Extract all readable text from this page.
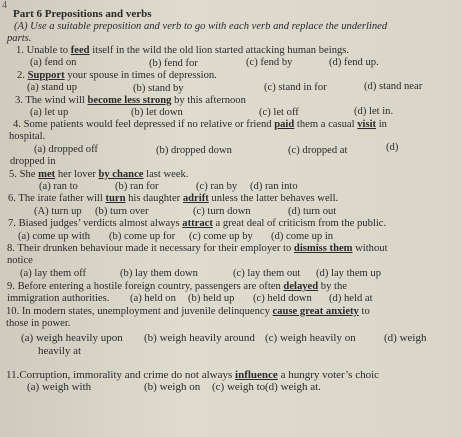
4
Part 6 Prepositions and verbs
(A) Use a suitable preposition and verb to go with each verb and replace the underlined
parts.
1. Unable to feed itself in the wild the old lion started attacking human beings.
(a) fend on	(b) fend for	(c) fend by	(d) fend up.
2. Support your spouse in times of depression.
(a) stand up	(b) stand by	(c) stand in for	(d) stand near
3. The wind will become less strong by this afternoon
(a) let up	(b) let down	(c) let off	(d) let in.
4. Some patients would feel depressed if no relative or friend paid them a casual visit in
hospital.
(a) dropped off	(b) dropped down	(c) dropped at	(d)
dropped in
5. She met her lover by chance last week.
(a) ran to	(b) ran for	(c) ran by (d) ran into
6. The irate father will turn his daughter adrift unless the latter behaves well.
(A) turn up (b) turn over	(c) turn down	(d) turn out
7. Biased judges’ verdicts almost always attract a great deal of criticism from the public.
(a) come up with (b) come up for (c) come up by (d) come up in
8. Their drunken behaviour made it necessary for their employer to dismiss them without
notice
(a) lay them off	(b) lay them down	(c) lay them out (d) lay them up
9. Before entering a hostile foreign country, passengers are often delayed by the
immigration authorities. (a) held on (b) held up (c) held down (d) held at
10. In modern states, unemployment and juvenile delinquency cause great anxiety to
those in power.
(a) weigh heavily upon (b) weigh heavily around (c) weigh heavily on	(d) weigh
heavily at
11.Corruption, immorality and crime do not always influence a hungry voter’s choic
(a) weigh with	(b) weigh on (c) weigh to (d) weigh at.
